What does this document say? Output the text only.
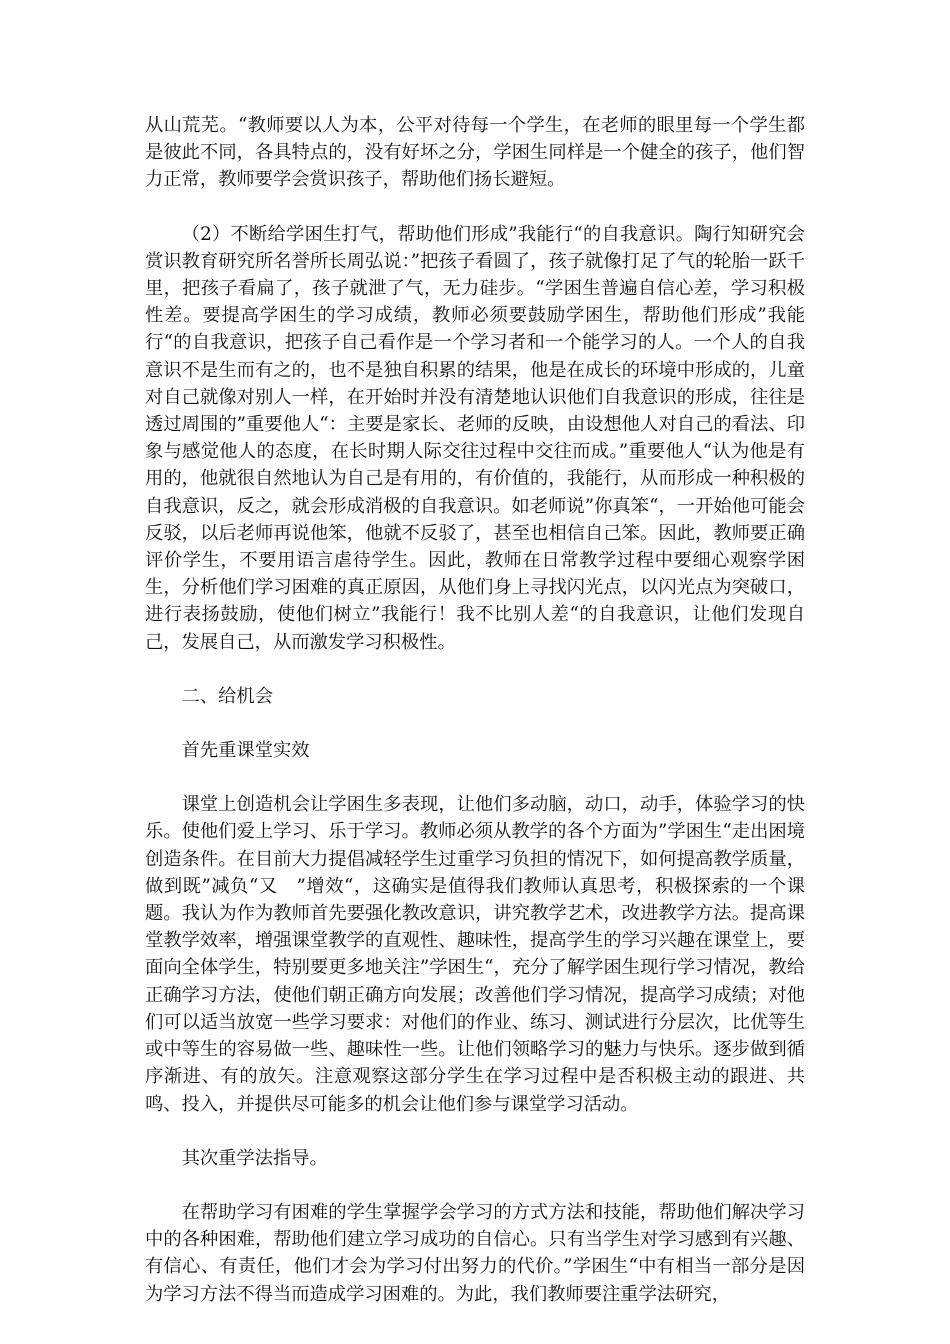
从山荒芜。“教师要以人为本，公平对待每一个学生，在老师的眼里每一个学生都是彼此不同，各具特点的，没有好坏之分，学困生同样是一个健全的孩子，他们智力正常，教师要学会赏识孩子，帮助他们扬长避短。

（2）不断给学困生打气，帮助他们形成”我能行“的自我意识。陶行知研究会赏识教育研究所名誉所长周弘说：”把孩子看圆了，孩子就像打足了气的轮胎一跃千里，把孩子看扁了，孩子就泄了气，无力硅步。“学困生普遍自信心差，学习积极性差。要提高学困生的学习成绩，教师必须要鼓励学困生，帮助他们形成”我能行“的自我意识，把孩子自己看作是一个学习者和一个能学习的人。一个人的自我意识不是生而有之的，也不是独自积累的结果，他是在成长的环境中形成的，儿童对自己就像对别人一样，在开始时并没有清楚地认识他们自我意识的形成，往往是透过周围的”重要他人“：主要是家长、老师的反映，由设想他人对自己的看法、印象与感觉他人的态度，在长时期人际交往过程中交往而成。”重要他人“认为他是有用的，他就很自然地认为自己是有用的，有价值的，我能行，从而形成一种积极的自我意识，反之，就会形成消极的自我意识。如老师说”你真笨“，一开始他可能会反驳，以后老师再说他笨，他就不反驳了，甚至也相信自己笨。因此，教师要正确评价学生，不要用语言虐待学生。因此，教师在日常教学过程中要细心观察学困生，分析他们学习困难的真正原因，从他们身上寻找闪光点，以闪光点为突破口，进行表扬鼓励，使他们树立”我能行！我不比别人差“的自我意识，让他们发现自己，发展自己，从而激发学习积极性。

二、给机会

首先重课堂实效

课堂上创造机会让学困生多表现，让他们多动脑，动口，动手，体验学习的快乐。使他们爱上学习、乐于学习。教师必须从教学的各个方面为”学困生“走出困境创造条件。在目前大力提倡减轻学生过重学习负担的情况下，如何提高教学质量，做到既”减负“又　”增效“，这确实是值得我们教师认真思考，积极探索的一个课题。我认为作为教师首先要强化教改意识，讲究教学艺术，改进教学方法。提高课堂教学效率，增强课堂教学的直观性、趣味性，提高学生的学习兴趣在课堂上，要面向全体学生，特别要更多地关注”学困生“，充分了解学困生现行学习情况，教给正确学习方法，使他们朝正确方向发展；改善他们学习情况，提高学习成绩；对他们可以适当放宽一些学习要求：对他们的作业、练习、测试进行分层次，比优等生或中等生的容易做一些、趣味性一些。让他们领略学习的魅力与快乐。逐步做到循序渐进、有的放矢。注意观察这部分学生在学习过程中是否积极主动的跟进、共鸣、投入，并提供尽可能多的机会让他们参与课堂学习活动。

其次重学法指导。

在帮助学习有困难的学生掌握学会学习的方式方法和技能，帮助他们解决学习中的各种困难，帮助他们建立学习成功的自信心。只有当学生对学习感到有兴趣、有信心、有责任，他们才会为学习付出努力的代价。”学困生“中有相当一部分是因为学习方法不得当而造成学习困难的。为此，我们教师要注重学法研究，
